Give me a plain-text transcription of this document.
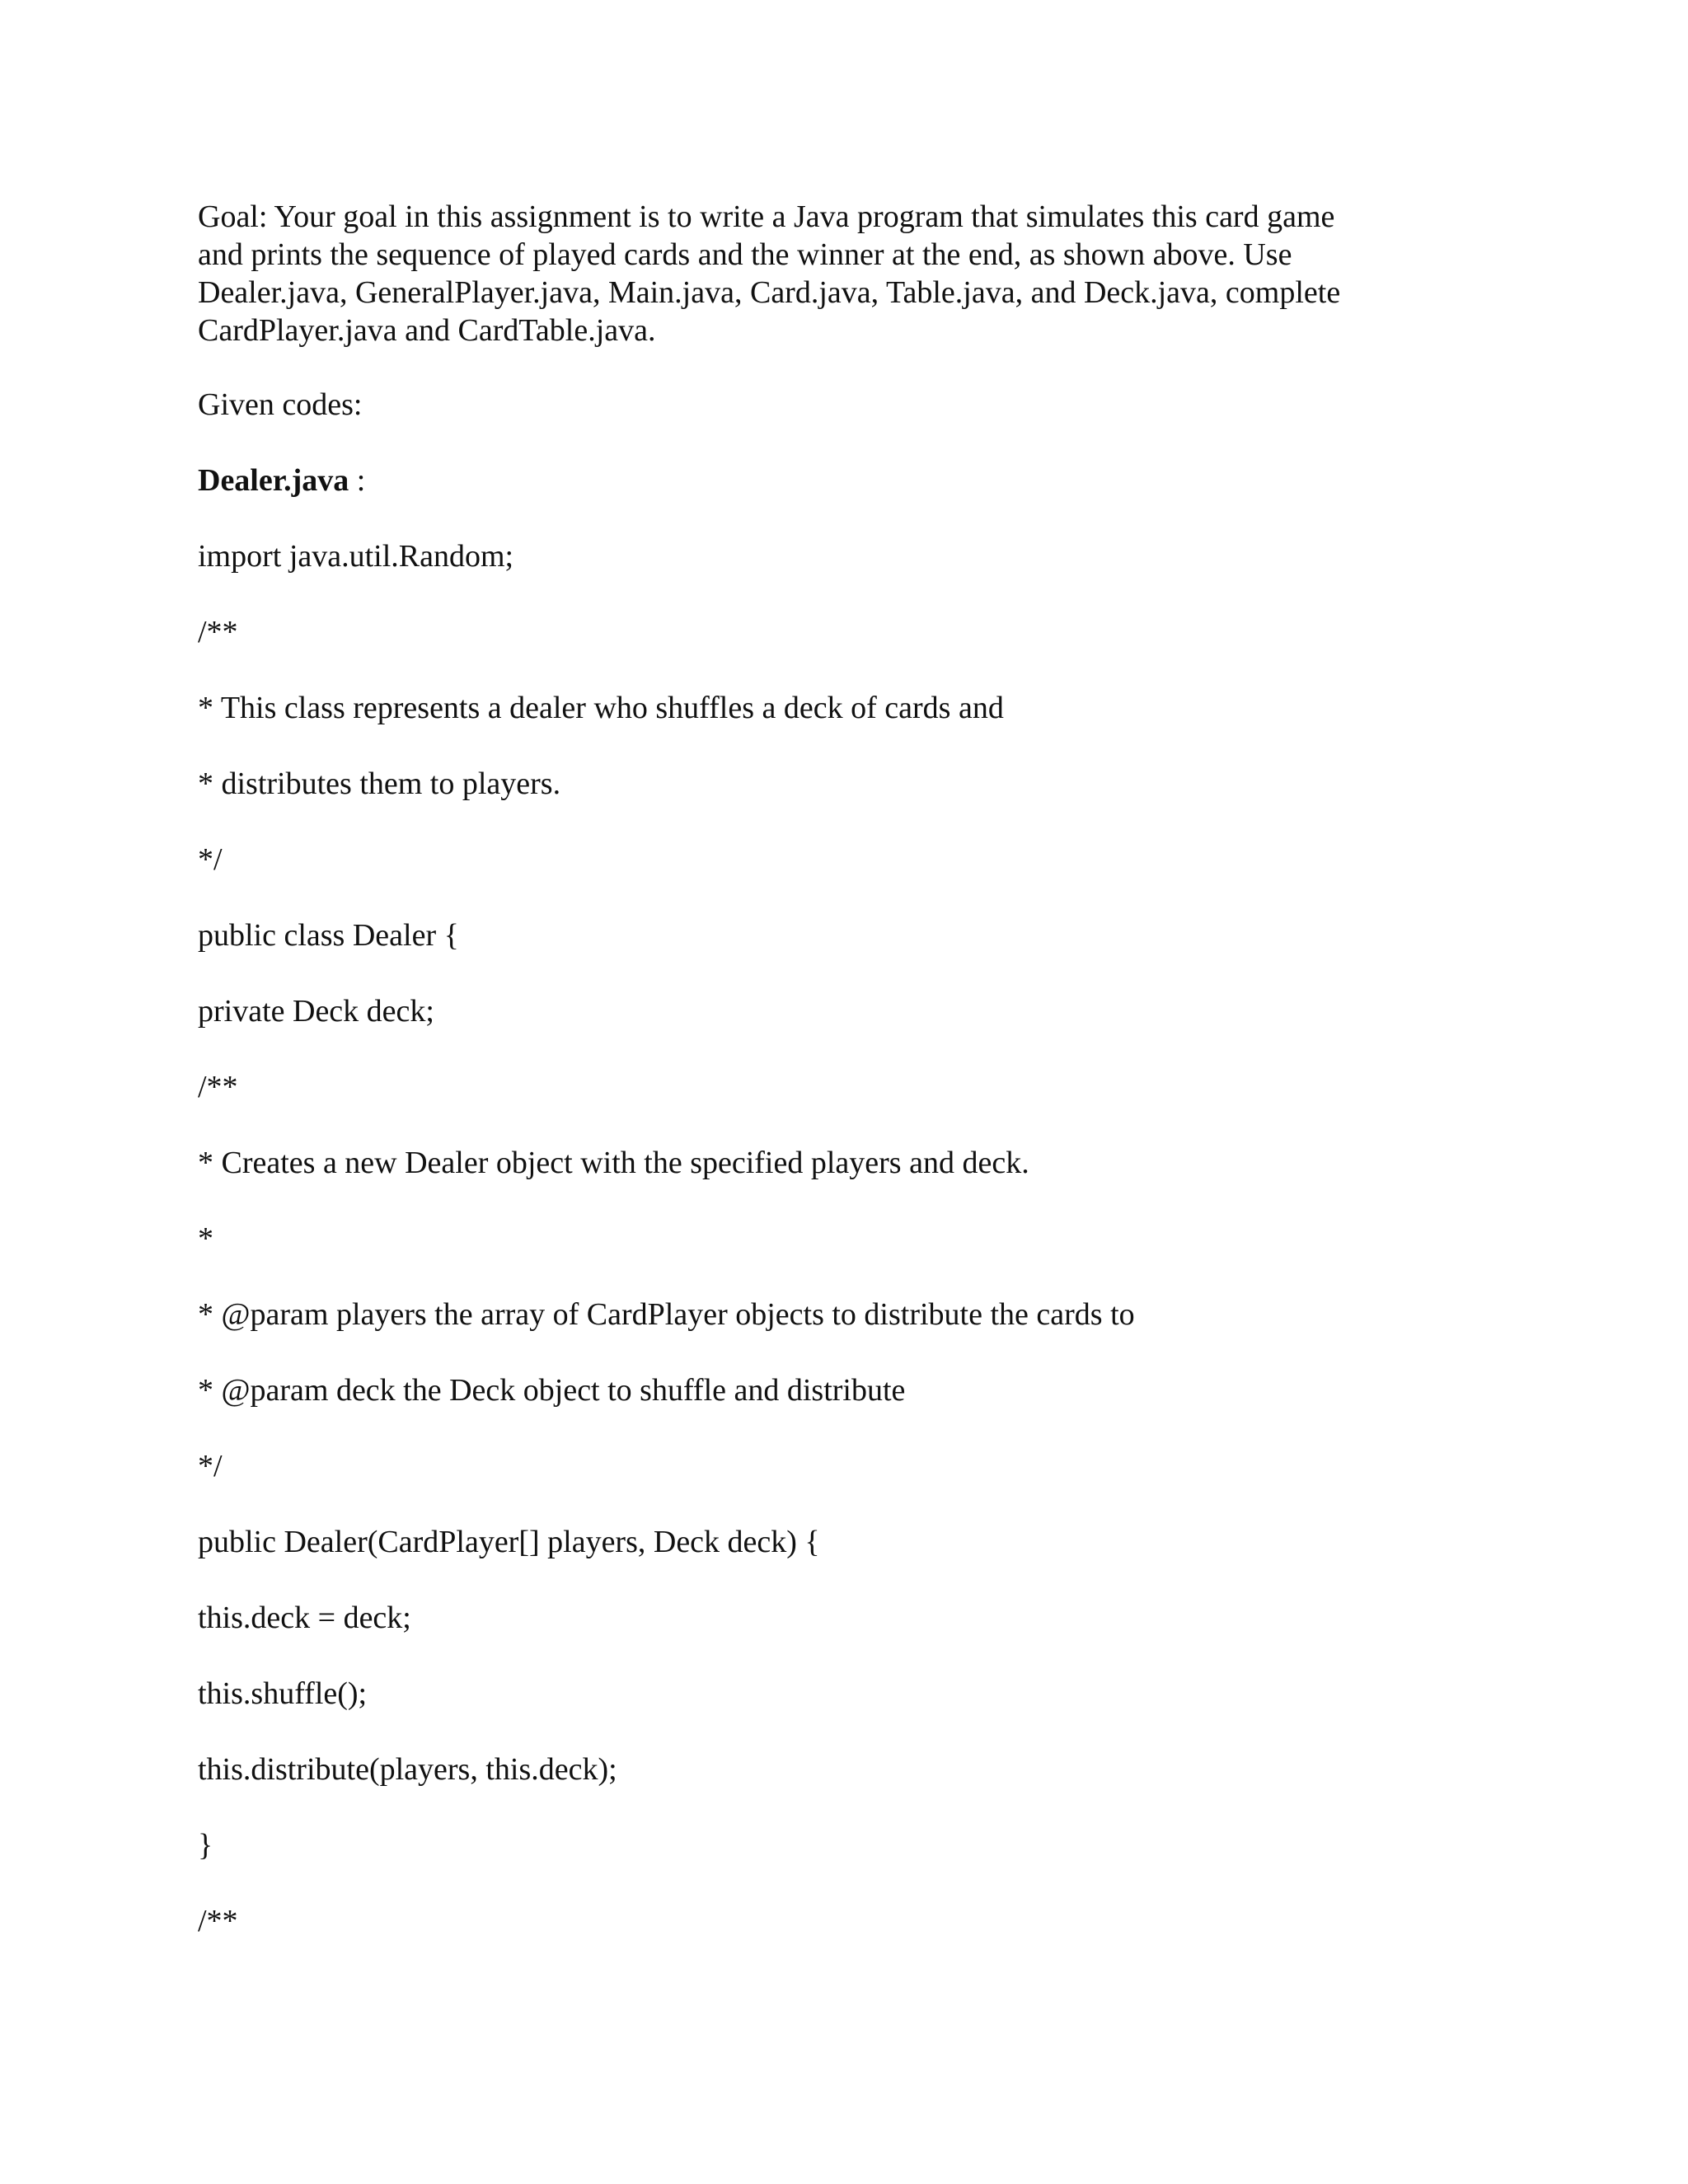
Goal: Your goal in this assignment is to write a Java program that simulates this card game
and prints the sequence of played cards and the winner at the end, as shown above. Use
Dealer.java, GeneralPlayer.java, Main.java, Card.java, Table.java, and Deck.java, complete
CardPlayer.java and CardTable.java.
Given codes:
Dealer.java :
import java.util.Random;
/**
* This class represents a dealer who shuffles a deck of cards and
* distributes them to players.
*/
public class Dealer {
private Deck deck;
/**
* Creates a new Dealer object with the specified players and deck.
*
* @param players the array of CardPlayer objects to distribute the cards to
* @param deck the Deck object to shuffle and distribute
*/
public Dealer(CardPlayer[] players, Deck deck) {
this.deck = deck;
this.shuffle();
this.distribute(players, this.deck);
}
/**
